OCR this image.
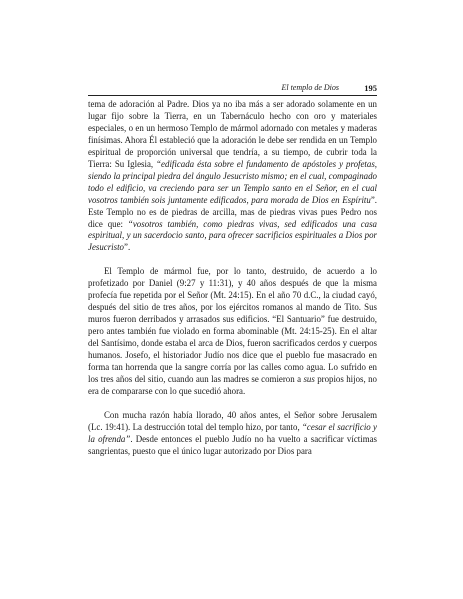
El templo de Dios	195

tema de adoración al Padre. Dios ya no iba más a ser adorado solamente en un lugar fijo sobre la Tierra, en un Tabernáculo hecho con oro y materiales especiales, o en un hermoso Templo de mármol adornado con metales y maderas finísimas. Ahora Él estableció que la adoración le debe ser rendida en un Templo espiritual de proporción universal que tendría, a su tiempo, de cubrir toda la Tierra: Su Iglesia, “edificada ésta sobre el fundamento de apóstoles y profetas, siendo la principal piedra del ángulo Jesucristo mismo; en el cual, compaginado todo el edificio, va creciendo para ser un Templo santo en el Señor, en el cual vosotros también sois juntamente edificados, para morada de Dios en Espíritu”. Este Templo no es de piedras de arcilla, mas de piedras vivas pues Pedro nos dice que: “vosotros también, como piedras vivas, sed edificados una casa espiritual, y un sacerdocio santo, para ofrecer sacrificios espirituales a Dios por Jesucristo”.

El Templo de mármol fue, por lo tanto, destruido, de acuerdo a lo profetizado por Daniel (9:27 y 11:31), y 40 años después de que la misma profecía fue repetida por el Señor (Mt. 24:15). En el año 70 d.C., la ciudad cayó, después del sitio de tres años, por los ejércitos romanos al mando de Tito. Sus muros fueron derribados y arrasados sus edificios. “El Santuario” fue destruido, pero antes también fue violado en forma abominable (Mt. 24:15-25). En el altar del Santísimo, donde estaba el arca de Dios, fueron sacrificados cerdos y cuerpos humanos. Josefo, el historiador Judío nos dice que el pueblo fue masacrado en forma tan horrenda que la sangre corría por las calles como agua. Lo sufrido en los tres años del sitio, cuando aun las madres se comieron a sus propios hijos, no era de compararse con lo que sucedió ahora.

Con mucha razón había llorado, 40 años antes, el Señor sobre Jerusalem (Lc. 19:41). La destrucción total del templo hizo, por tanto, “cesar el sacrificio y la ofrenda”. Desde entonces el pueblo Judío no ha vuelto a sacrificar víctimas sangrientas, puesto que el único lugar autorizado por Dios para
